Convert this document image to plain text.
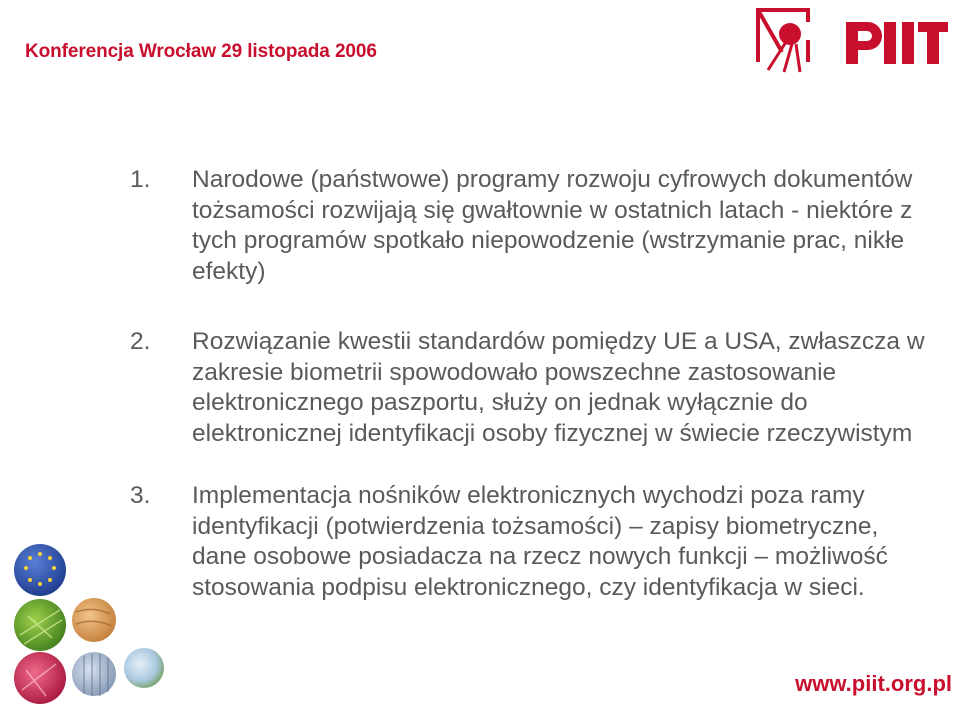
Konferencja Wrocław 29 listopada 2006
1.	Narodowe (państwowe) programy rozwoju cyfrowych dokumentów tożsamości rozwijają się gwałtownie w ostatnich latach - niektóre z tych programów spotkało niepowodzenie (wstrzymanie prac, nikłe efekty)
2.	Rozwiązanie kwestii standardów pomiędzy UE a USA, zwłaszcza w zakresie biometrii spowodowało powszechne zastosowanie elektronicznego paszportu, służy on jednak wyłącznie do elektronicznej identyfikacji osoby fizycznej w świecie rzeczywistym
3.	Implementacja nośników elektronicznych wychodzi poza ramy identyfikacji (potwierdzenia tożsamości) – zapisy biometryczne, dane osobowe posiadacza na rzecz nowych funkcji – możliwość stosowania podpisu elektronicznego, czy identyfikacja w sieci.
www.piit.org.pl
